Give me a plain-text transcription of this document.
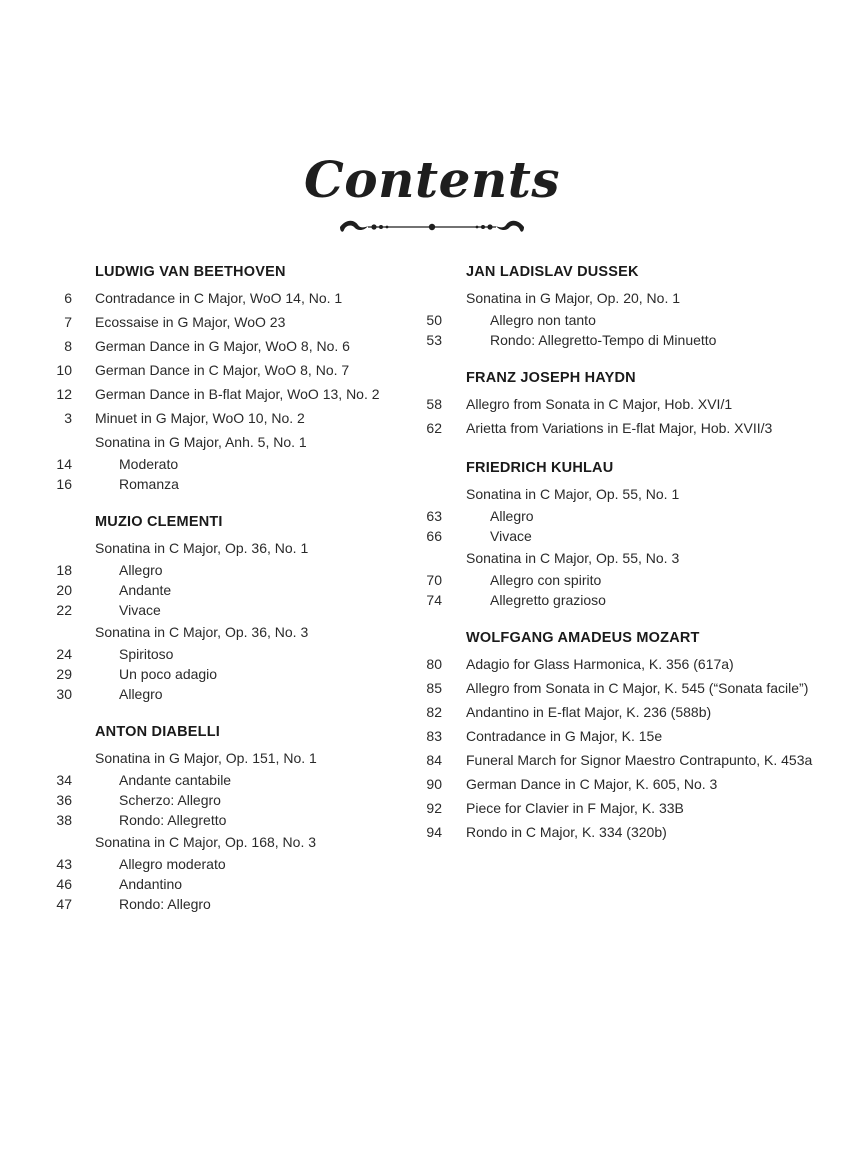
Contents
LUDWIG VAN BEETHOVEN
6 Contradance in C Major, WoO 14, No. 1
7 Ecossaise in G Major, WoO 23
8 German Dance in G Major, WoO 8, No. 6
10 German Dance in C Major, WoO 8, No. 7
12 German Dance in B-flat Major, WoO 13, No. 2
3 Minuet in G Major, WoO 10, No. 2
Sonatina in G Major, Anh. 5, No. 1
14	Moderato
16	Romanza
MUZIO CLEMENTI
Sonatina in C Major, Op. 36, No. 1
18	Allegro
20	Andante
22	Vivace
Sonatina in C Major, Op. 36, No. 3
24	Spiritoso
29	Un poco adagio
30	Allegro
ANTON DIABELLI
Sonatina in G Major, Op. 151, No. 1
34	Andante cantabile
36	Scherzo: Allegro
38	Rondo: Allegretto
Sonatina in C Major, Op. 168, No. 3
43	Allegro moderato
46	Andantino
47	Rondo: Allegro
JAN LADISLAV DUSSEK
Sonatina in G Major, Op. 20, No. 1
50	Allegro non tanto
53	Rondo: Allegretto-Tempo di Minuetto
FRANZ JOSEPH HAYDN
58 Allegro from Sonata in C Major, Hob. XVI/1
62 Arietta from Variations in E-flat Major, Hob. XVII/3
FRIEDRICH KUHLAU
Sonatina in C Major, Op. 55, No. 1
63	Allegro
66	Vivace
Sonatina in C Major, Op. 55, No. 3
70	Allegro con spirito
74	Allegretto grazioso
WOLFGANG AMADEUS MOZART
80 Adagio for Glass Harmonica, K. 356 (617a)
85 Allegro from Sonata in C Major, K. 545 (“Sonata facile”)
82 Andantino in E-flat Major, K. 236 (588b)
83 Contradance in G Major, K. 15e
84 Funeral March for Signor Maestro Contrapunto, K. 453a
90 German Dance in C Major, K. 605, No. 3
92 Piece for Clavier in F Major, K. 33B
94 Rondo in C Major, K. 334 (320b)
